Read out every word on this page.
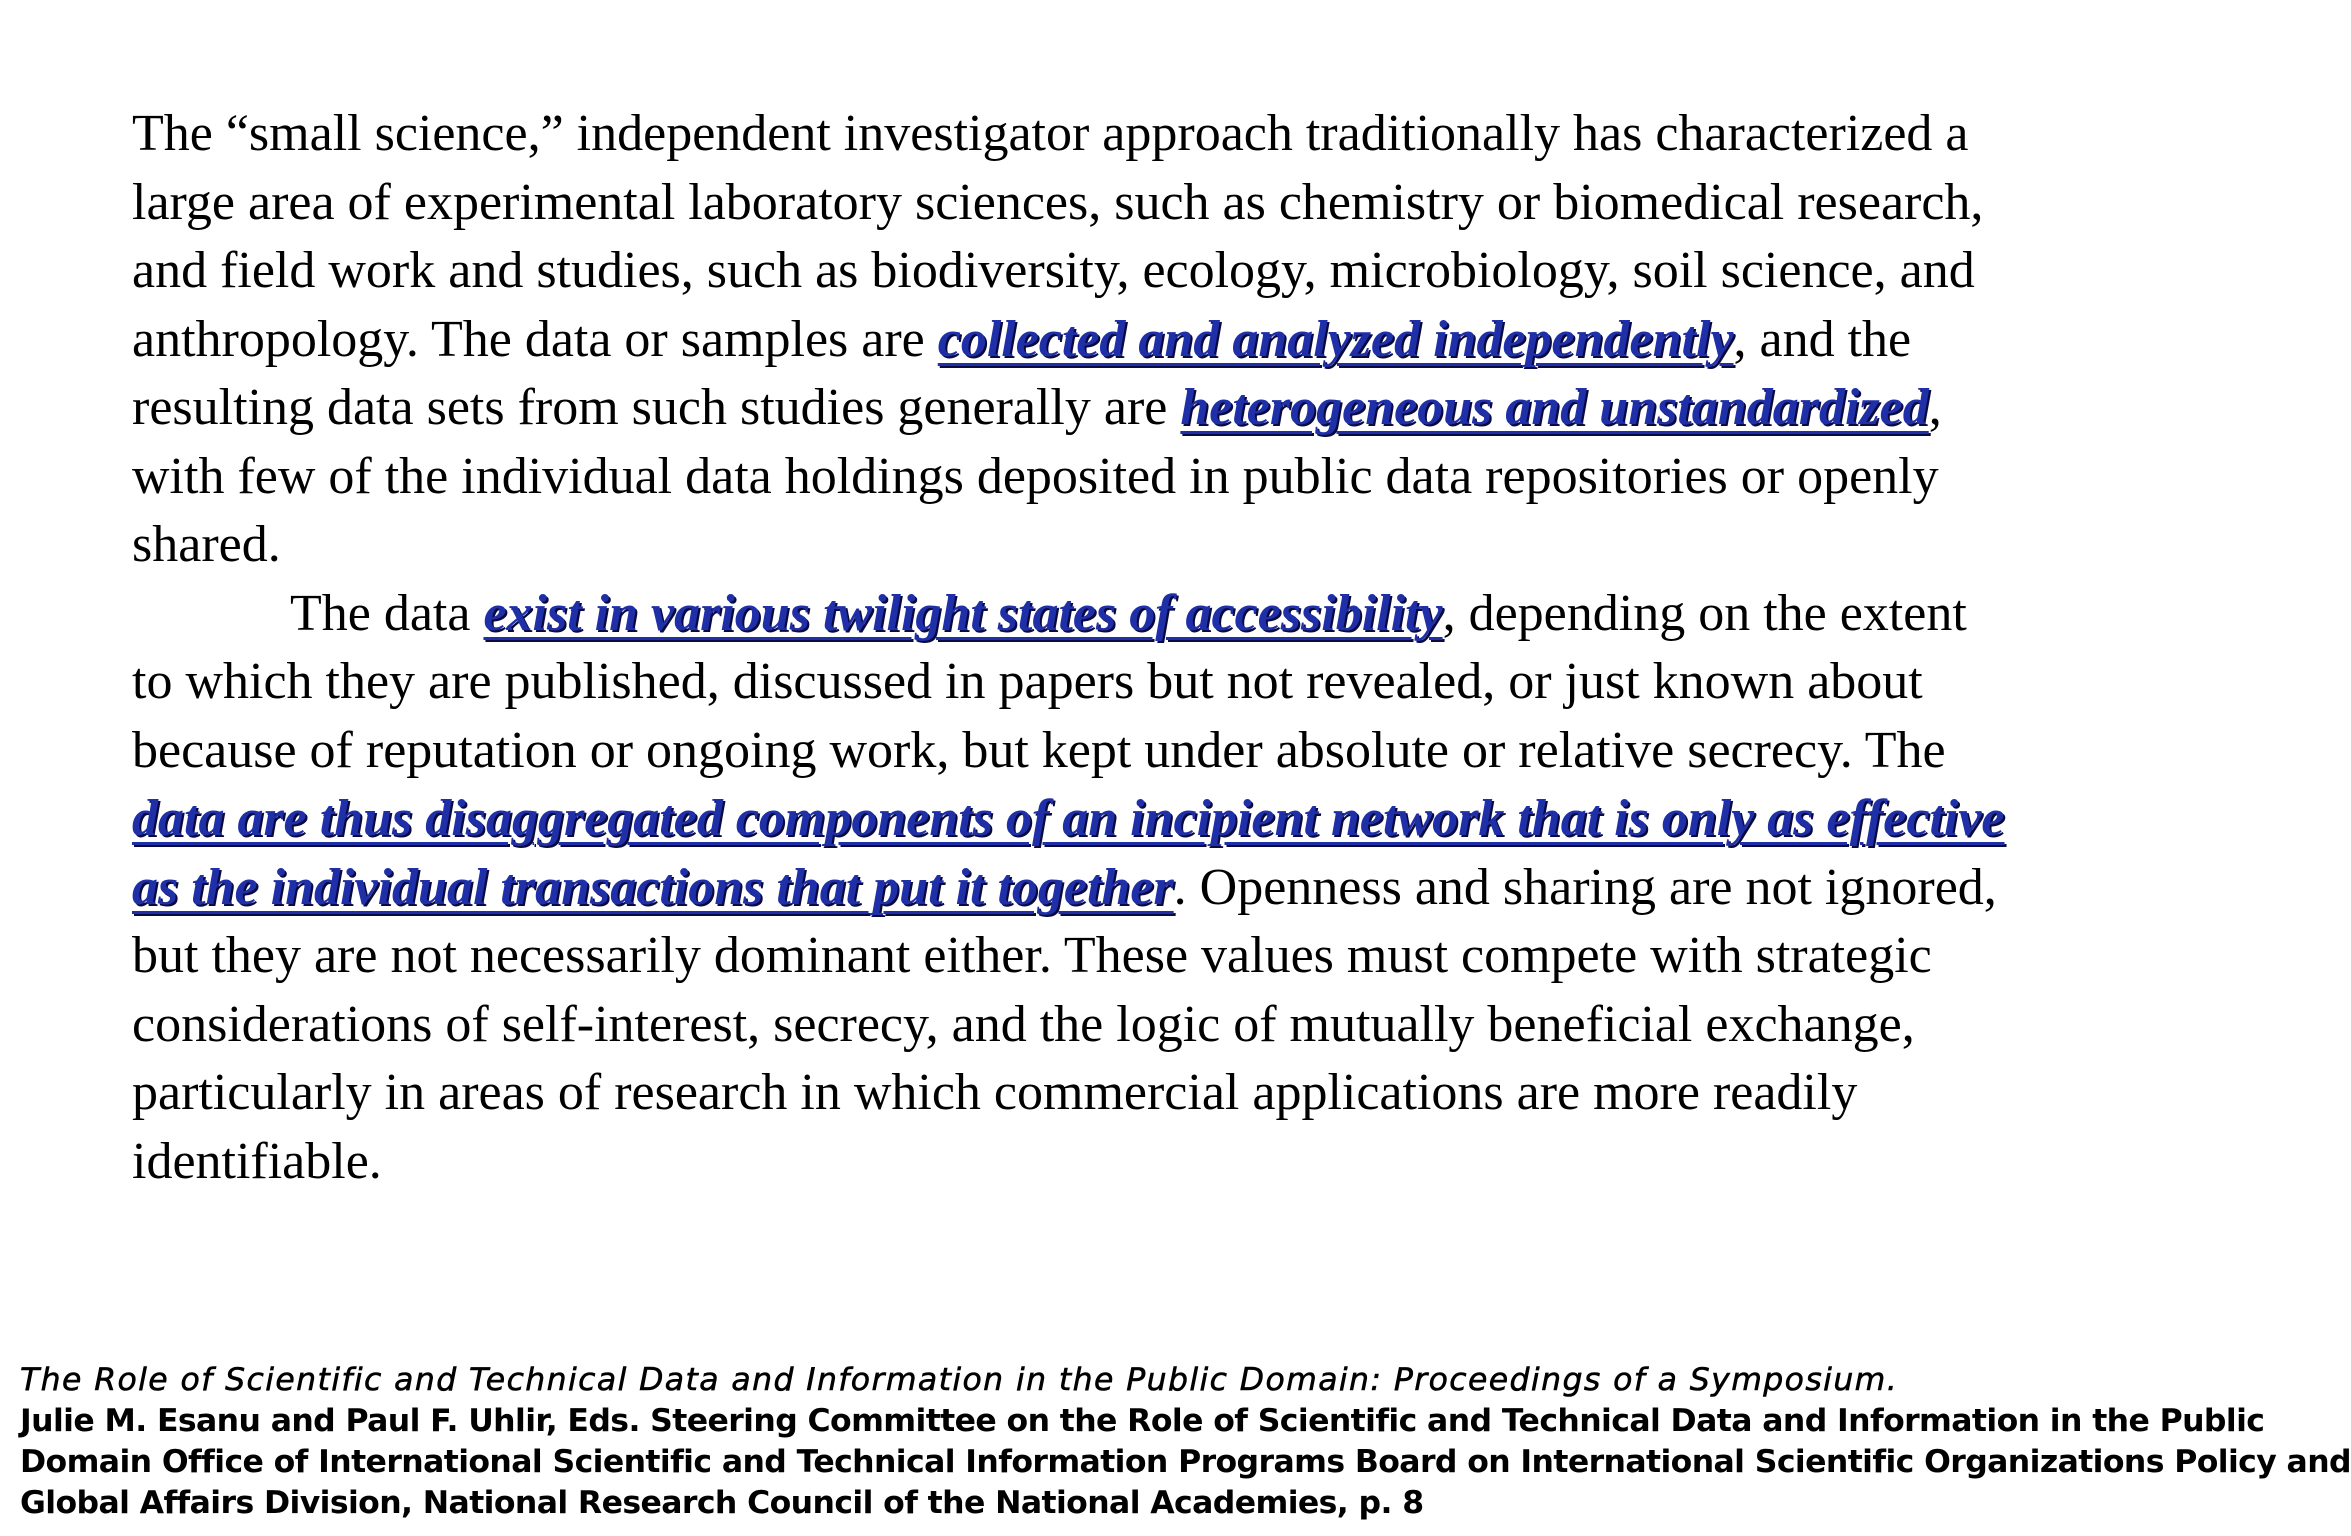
The “small science,” independent investigator approach traditionally has characterized a large area of experimental laboratory sciences, such as chemistry or biomedical research, and field work and studies, such as biodiversity, ecology, microbiology, soil science, and anthropology. The data or samples are collected and analyzed independently, and the resulting data sets from such studies generally are heterogeneous and unstandardized, with few of the individual data holdings deposited in public data repositories or openly shared.

The data exist in various twilight states of accessibility, depending on the extent to which they are published, discussed in papers but not revealed, or just known about because of reputation or ongoing work, but kept under absolute or relative secrecy. The data are thus disaggregated components of an incipient network that is only as effective as the individual transactions that put it together. Openness and sharing are not ignored, but they are not necessarily dominant either. These values must compete with strategic considerations of self-interest, secrecy, and the logic of mutually beneficial exchange, particularly in areas of research in which commercial applications are more readily identifiable.

The Role of Scientific and Technical Data and Information in the Public Domain: Proceedings of a Symposium.
Julie M. Esanu and Paul F. Uhlir, Eds. Steering Committee on the Role of Scientific and Technical Data and Information in the Public
Domain Office of International Scientific and Technical Information Programs Board on International Scientific Organizations Policy and
Global Affairs Division, National Research Council of the National Academies, p. 8
